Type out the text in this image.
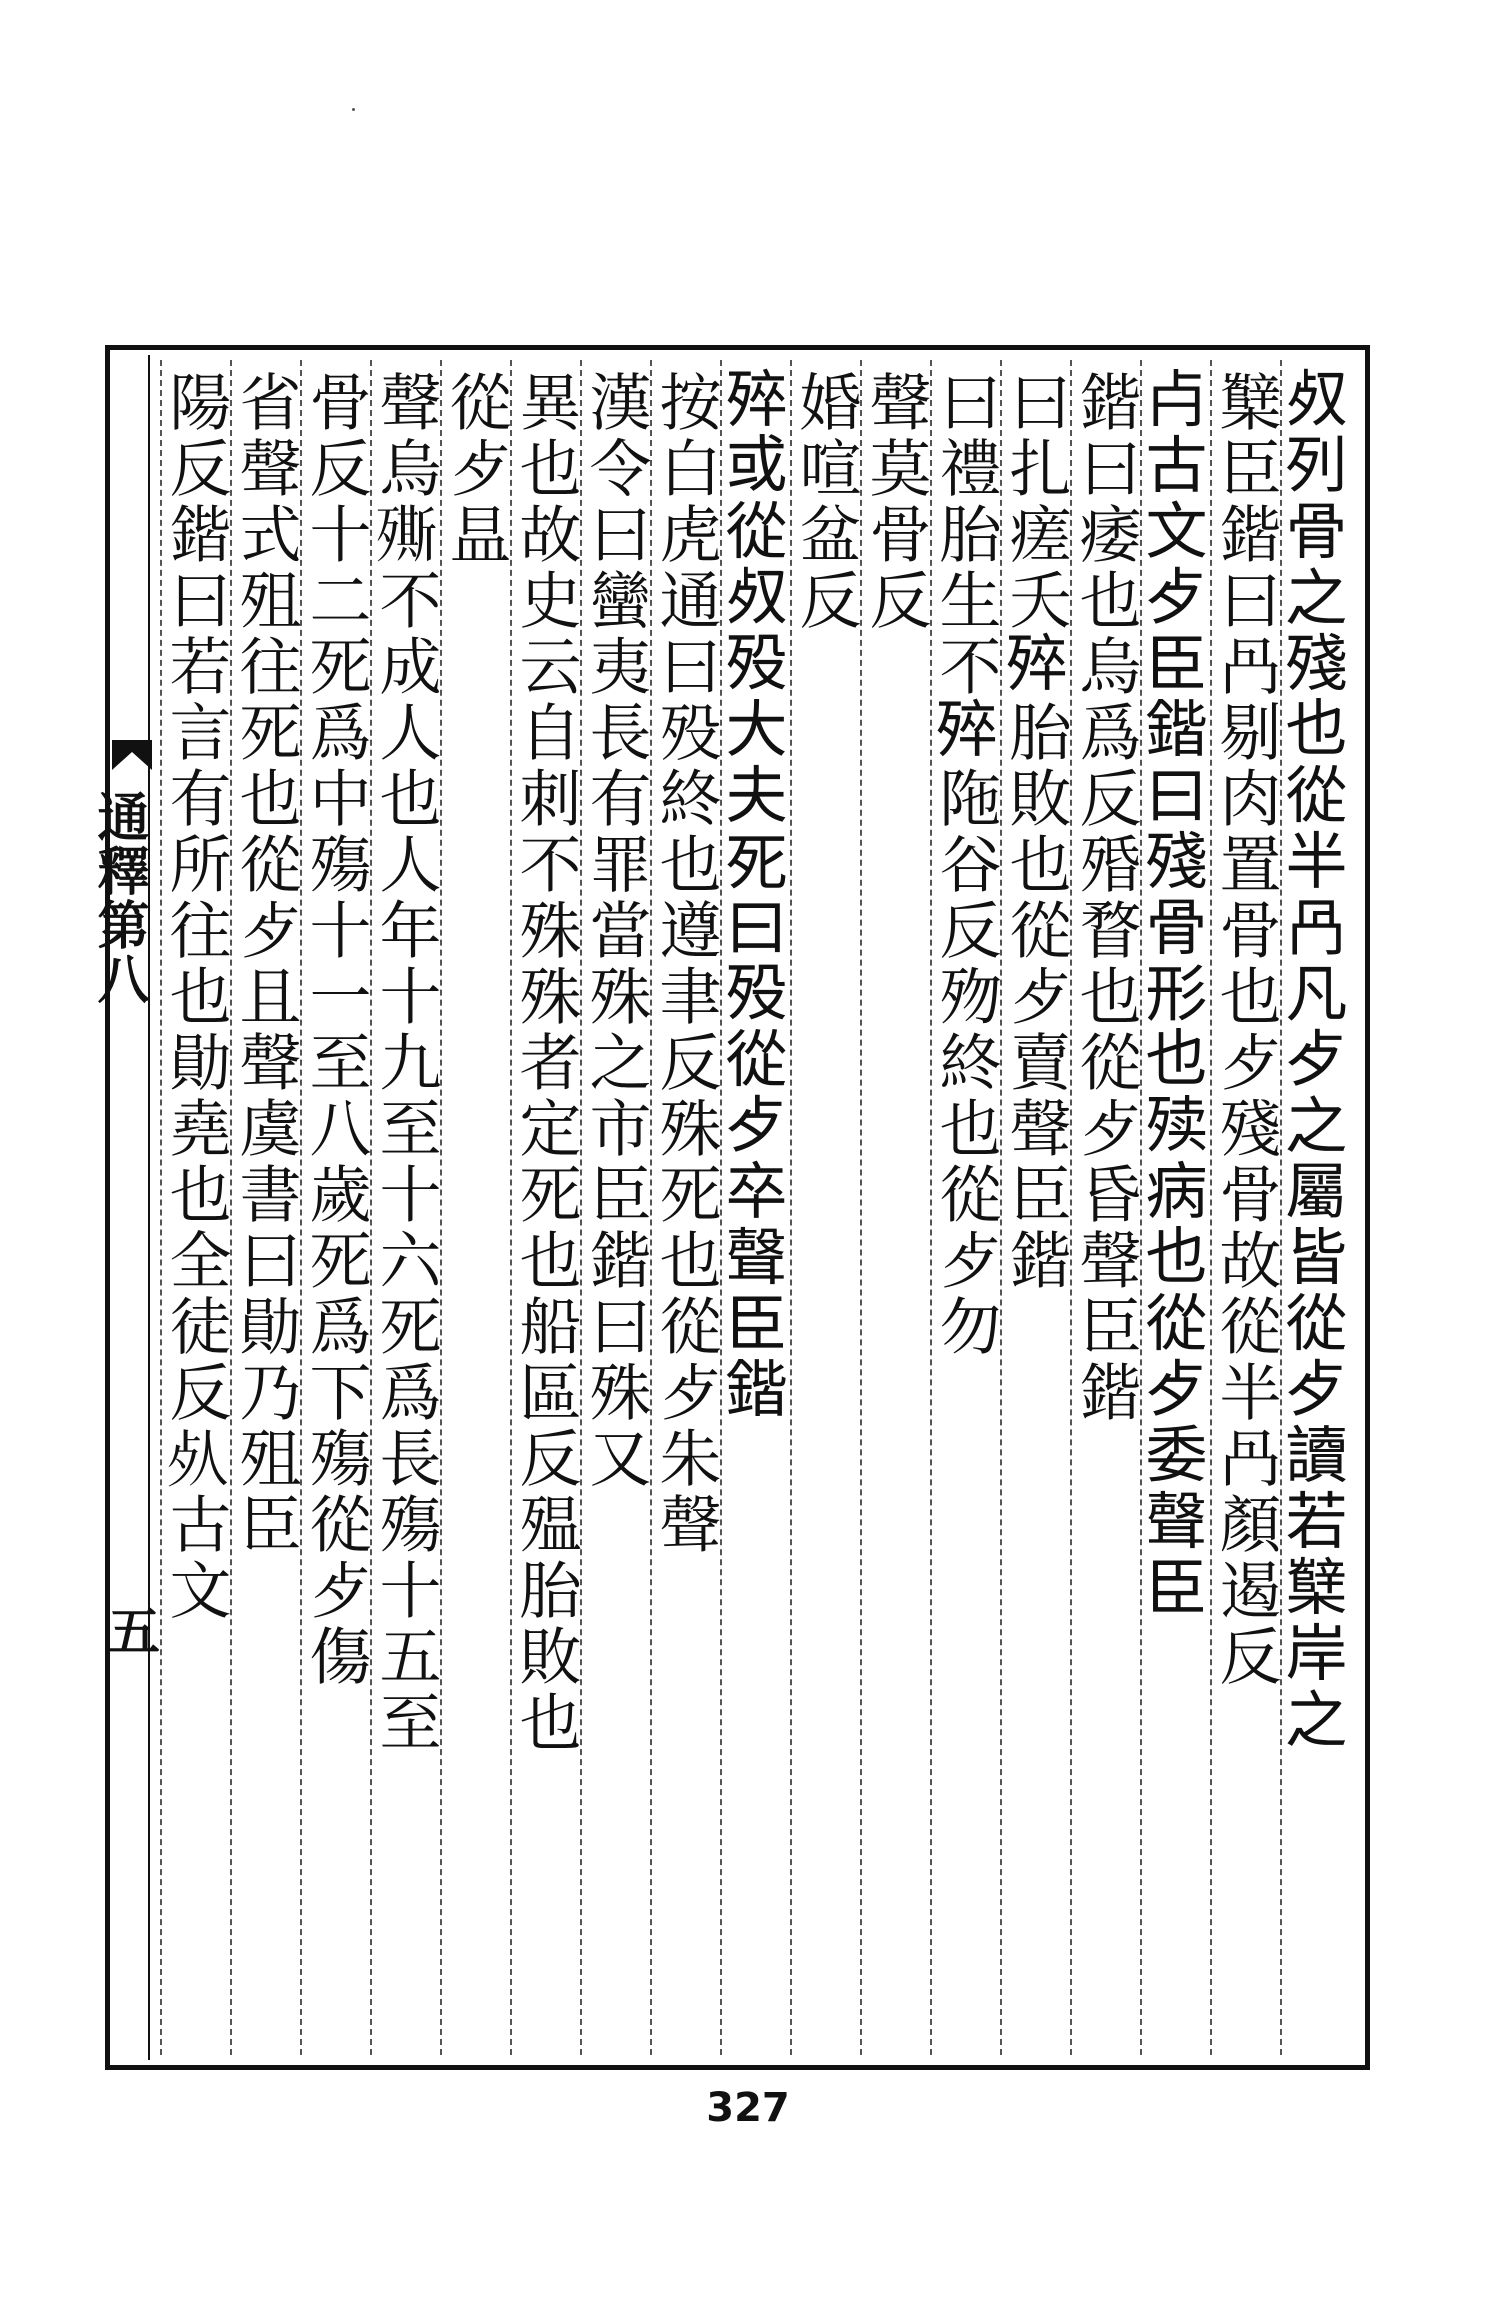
通釋第八
五	𣦼列骨之殘也從半冎凡歺之屬皆從歺讀若櫱岸之
櫱臣鍇曰冎剔肉置骨也歺殘骨故從半冎顏遏反
𣦵古文歺臣鍇曰殘骨形也㱩病也從歺委聲臣
鍇曰痿也烏爲反殙瞀也從歺昏聲臣鍇
曰扎瘥夭𣨛胎敗也從歺賣聲臣鍇
曰禮胎生不𣨛陁谷反歾終也從歺勿
聲莫骨反
婚喧盆反
𣨛或從𣦼殁大夫死曰殁從歺卒聲臣鍇
按白虎通曰殁終也遵聿反殊死也從歺朱聲
漢令曰蠻夷長有罪當殊之市臣鍇曰殊又
異也故史云自刺不殊殊者定死也船區反殟胎敗也
從歺昷
聲烏𣩠不成人也人年十九至十六死爲長殤十五至
骨反十二死爲中殤十一至八歲死爲下殤從歺傷
省聲式殂往死也從歺且聲虞書曰勛乃殂臣
陽反鍇曰若言有所往也勛堯也全徒反𣦸古文
327
